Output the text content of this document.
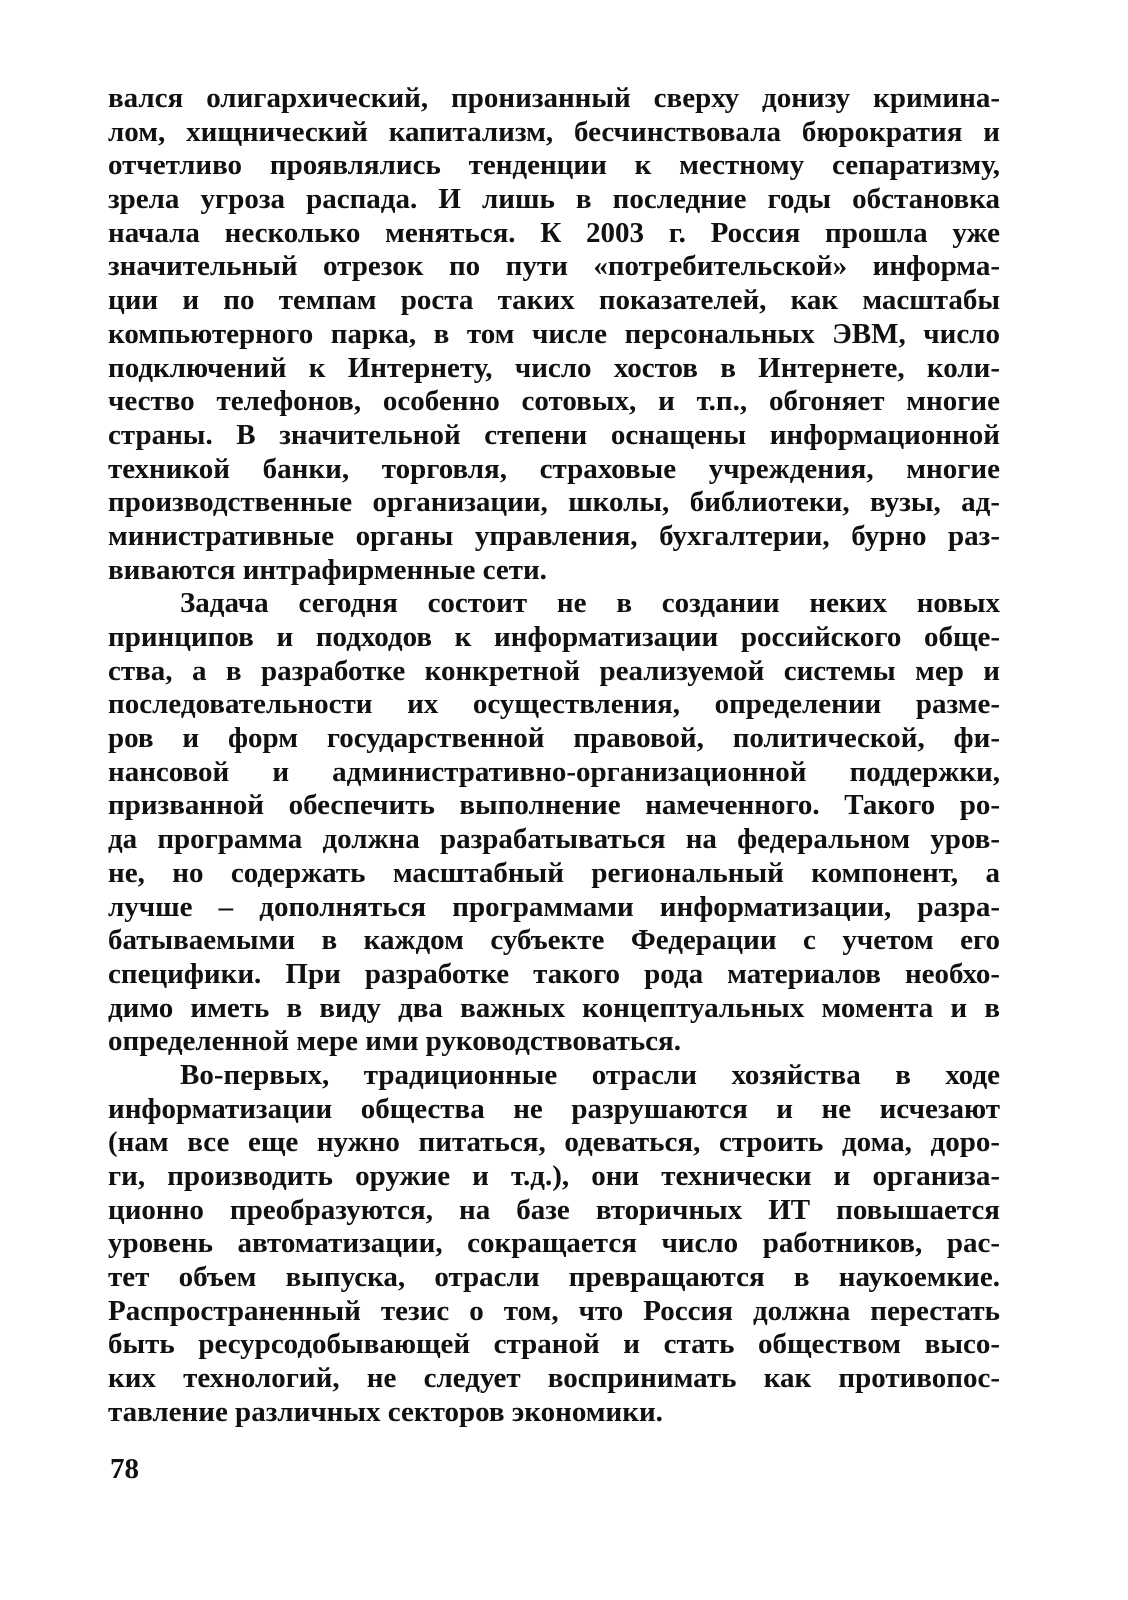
вался олигархический, пронизанный сверху донизу кримина-
лом, хищнический капитализм, бесчинствовала бюрократия и
отчетливо проявлялись тенденции к местному сепаратизму,
зрела угроза распада. И лишь в последние годы обстановка
начала несколько меняться. К 2003 г. Россия прошла уже
значительный отрезок по пути «потребительской» информа-
ции и по темпам роста таких показателей, как масштабы
компьютерного парка, в том числе персональных ЭВМ, число
подключений к Интернету, число хостов в Интернете, коли-
чество телефонов, особенно сотовых, и т.п., обгоняет многие
страны. В значительной степени оснащены информационной
техникой банки, торговля, страховые учреждения, многие
производственные организации, школы, библиотеки, вузы, ад-
министративные органы управления, бухгалтерии, бурно раз-
виваются интрафирменные сети.
Задача сегодня состоит не в создании неких новых
принципов и подходов к информатизации российского обще-
ства, а в разработке конкретной реализуемой системы мер и
последовательности их осуществления, определении разме-
ров и форм государственной правовой, политической, фи-
нансовой и административно-организационной поддержки,
призванной обеспечить выполнение намеченного. Такого ро-
да программа должна разрабатываться на федеральном уров-
не, но содержать масштабный региональный компонент, а
лучше – дополняться программами информатизации, разра-
батываемыми в каждом субъекте Федерации с учетом его
специфики. При разработке такого рода материалов необхо-
димо иметь в виду два важных концептуальных момента и в
определенной мере ими руководствоваться.
Во-первых, традиционные отрасли хозяйства в ходе
информатизации общества не разрушаются и не исчезают
(нам все еще нужно питаться, одеваться, строить дома, доро-
ги, производить оружие и т.д.), они технически и организа-
ционно преобразуются, на базе вторичных ИТ повышается
уровень автоматизации, сокращается число работников, рас-
тет объем выпуска, отрасли превращаются в наукоемкие.
Распространенный тезис о том, что Россия должна перестать
быть ресурсодобывающей страной и стать обществом высо-
ких технологий, не следует воспринимать как противопос-
тавление различных секторов экономики.
78
